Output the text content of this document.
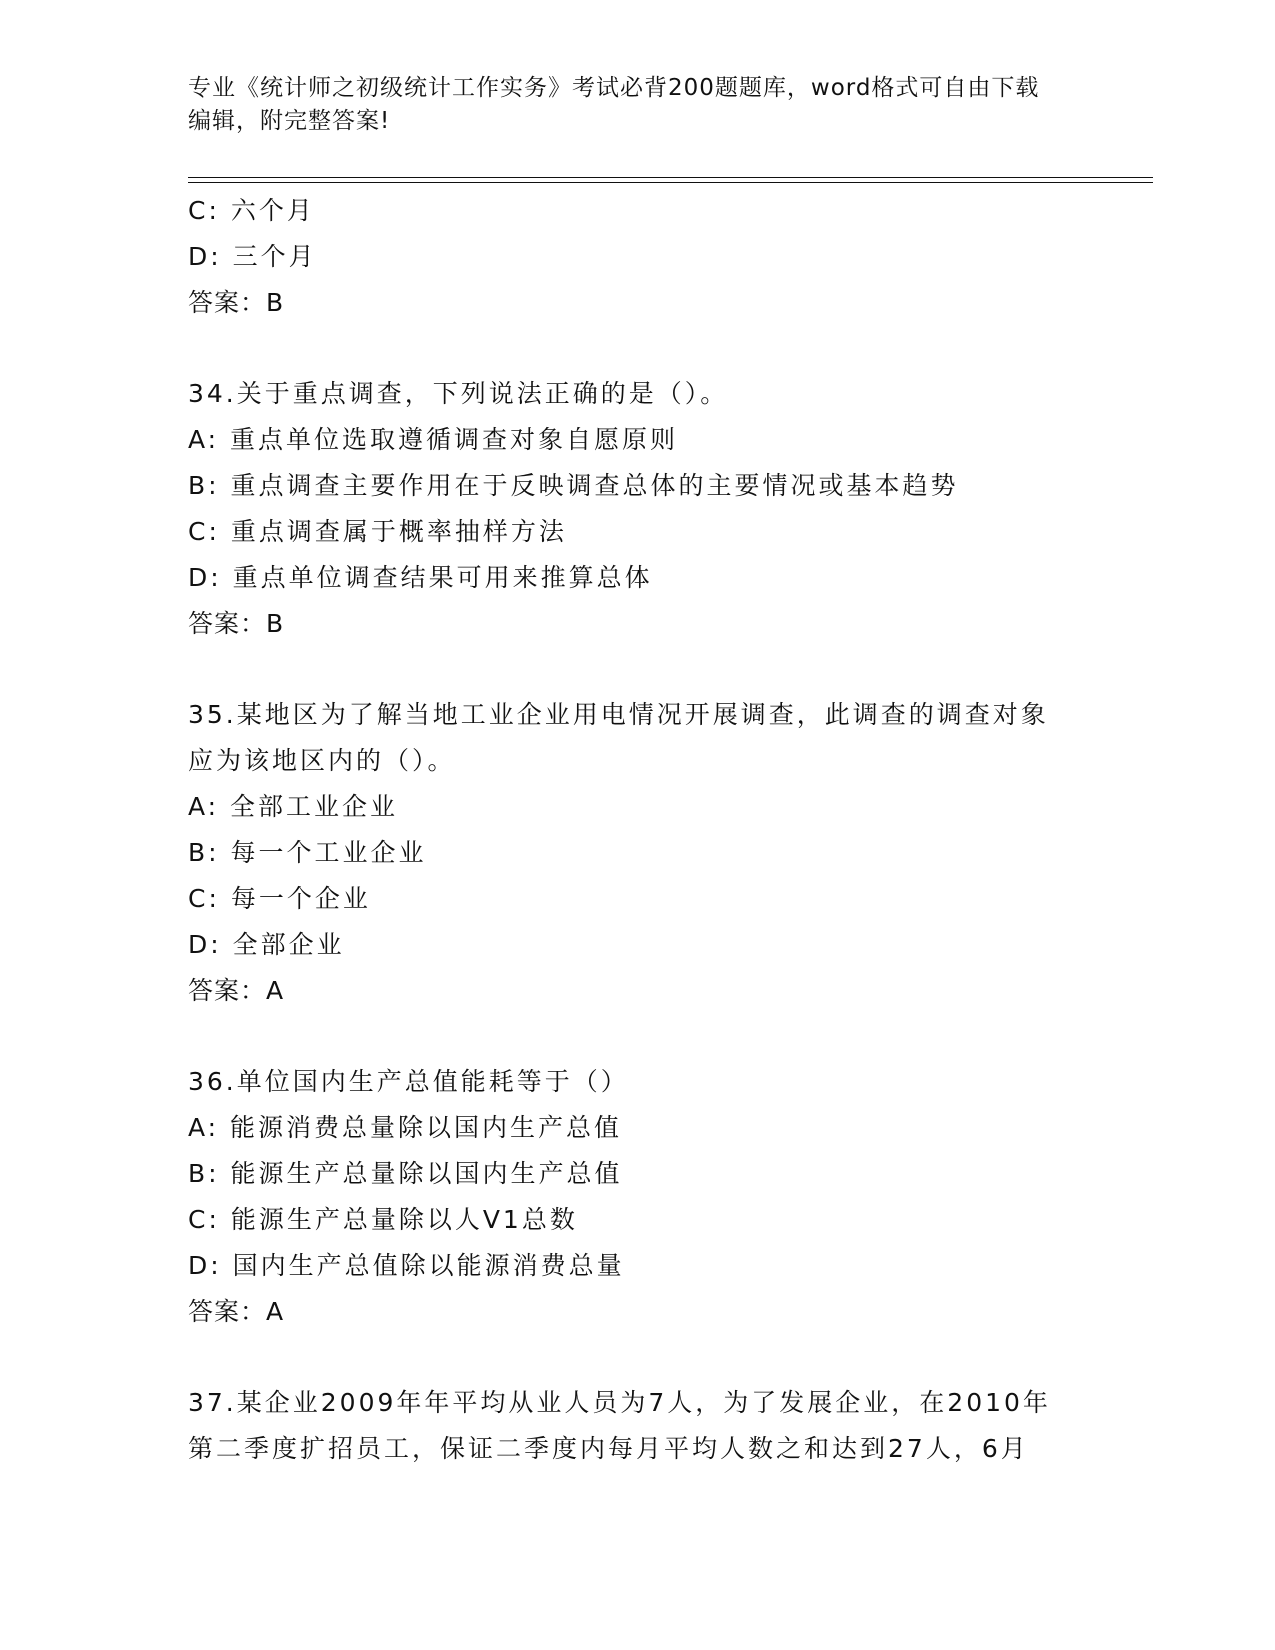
专业《统计师之初级统计工作实务》考试必背200题题库，word格式可自由下载
编辑，附完整答案!
C: 六个月
D: 三个月
答案：B
34.关于重点调查，下列说法正确的是（）。
A: 重点单位选取遵循调查对象自愿原则
B: 重点调查主要作用在于反映调查总体的主要情况或基本趋势
C: 重点调查属于概率抽样方法
D: 重点单位调查结果可用来推算总体
答案：B
35.某地区为了解当地工业企业用电情况开展调查，此调查的调查对象
应为该地区内的（）。
A: 全部工业企业
B: 每一个工业企业
C: 每一个企业
D: 全部企业
答案：A
36.单位国内生产总值能耗等于（）
A: 能源消费总量除以国内生产总值
B: 能源生产总量除以国内生产总值
C: 能源生产总量除以人V1总数
D: 国内生产总值除以能源消费总量
答案：A
37.某企业2009年年平均从业人员为7人，为了发展企业，在2010年
第二季度扩招员工，保证二季度内每月平均人数之和达到27人，6月
